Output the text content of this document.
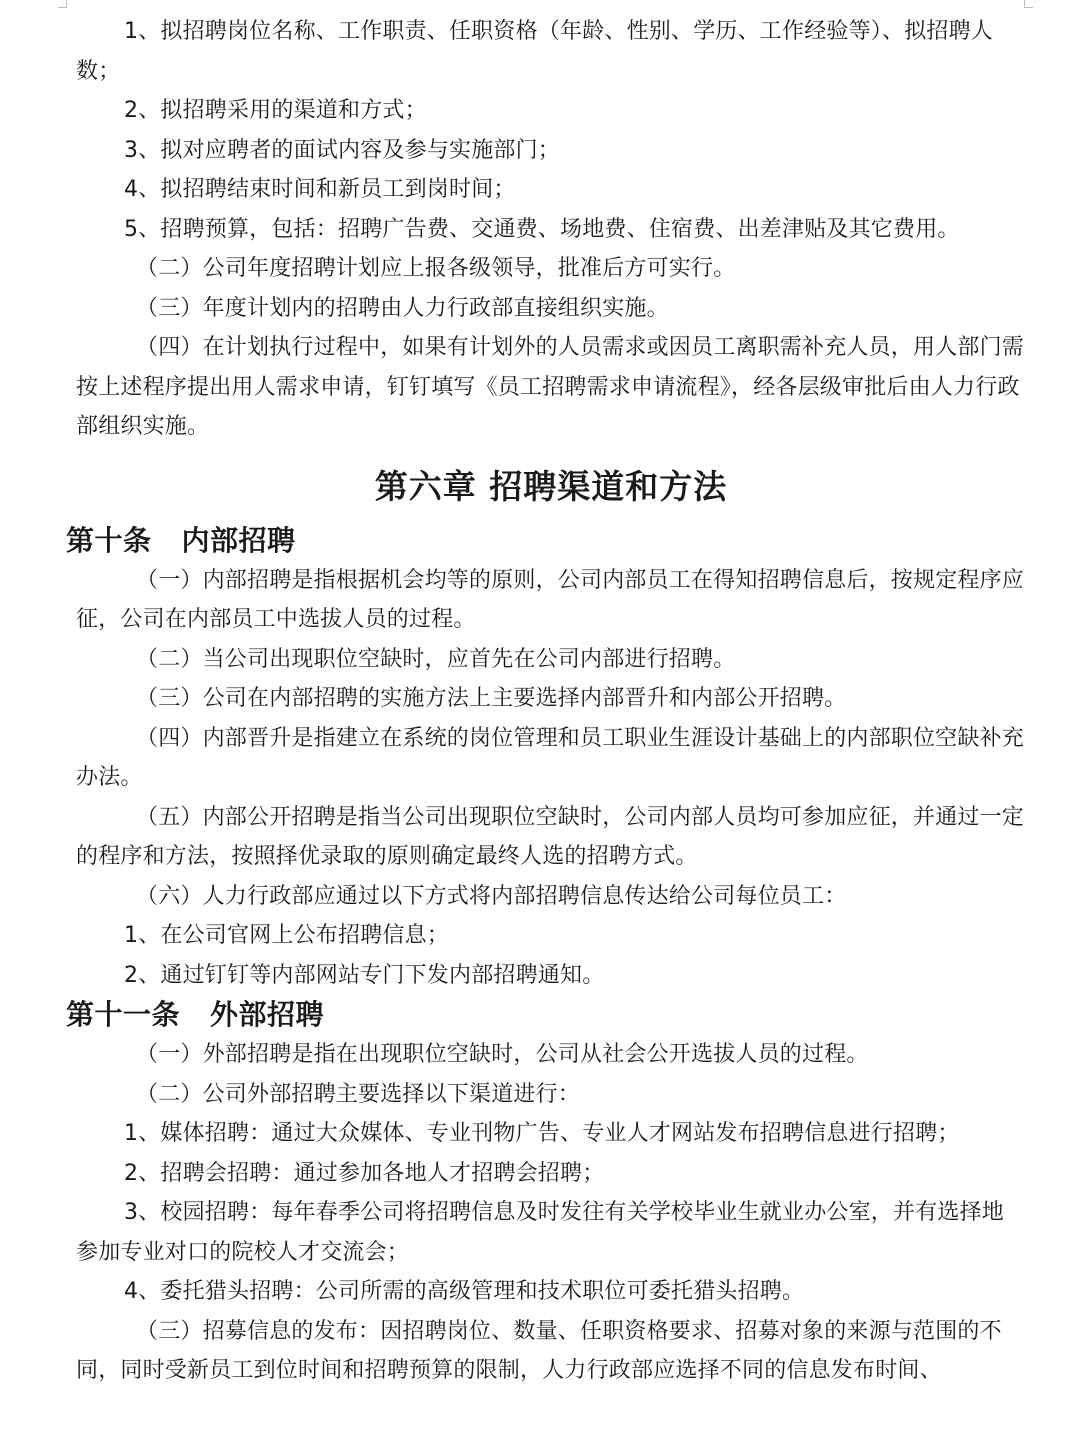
1、拟招聘岗位名称、工作职责、任职资格（年龄、性别、学历、工作经验等）、拟招聘人数；

2、拟招聘采用的渠道和方式；

3、拟对应聘者的面试内容及参与实施部门；

4、拟招聘结束时间和新员工到岗时间；

5、招聘预算，包括：招聘广告费、交通费、场地费、住宿费、出差津贴及其它费用。

（二）公司年度招聘计划应上报各级领导，批准后方可实行。

（三）年度计划内的招聘由人力行政部直接组织实施。

（四）在计划执行过程中，如果有计划外的人员需求或因员工离职需补充人员，用人部门需按上述程序提出用人需求申请，钉钉填写《员工招聘需求申请流程》，经各层级审批后由人力行政部组织实施。

第六章 招聘渠道和方法
第十条 内部招聘

（一）内部招聘是指根据机会均等的原则，公司内部员工在得知招聘信息后，按规定程序应征，公司在内部员工中选拔人员的过程。

（二）当公司出现职位空缺时，应首先在公司内部进行招聘。

（三）公司在内部招聘的实施方法上主要选择内部晋升和内部公开招聘。

（四）内部晋升是指建立在系统的岗位管理和员工职业生涯设计基础上的内部职位空缺补充办法。

（五）内部公开招聘是指当公司出现职位空缺时，公司内部人员均可参加应征，并通过一定的程序和方法，按照择优录取的原则确定最终人选的招聘方式。

（六）人力行政部应通过以下方式将内部招聘信息传达给公司每位员工：

1、在公司官网上公布招聘信息；

2、通过钉钉等内部网站专门下发内部招聘通知。

第十一条 外部招聘

（一）外部招聘是指在出现职位空缺时，公司从社会公开选拔人员的过程。

（二）公司外部招聘主要选择以下渠道进行：

1、媒体招聘：通过大众媒体、专业刊物广告、专业人才网站发布招聘信息进行招聘；

2、招聘会招聘：通过参加各地人才招聘会招聘；

3、校园招聘：每年春季公司将招聘信息及时发往有关学校毕业生就业办公室，并有选择地参加专业对口的院校人才交流会；

4、委托猎头招聘：公司所需的高级管理和技术职位可委托猎头招聘。

（三）招募信息的发布：因招聘岗位、数量、任职资格要求、招募对象的来源与范围的不同，同时受新员工到位时间和招聘预算的限制，人力行政部应选择不同的信息发布时间、
